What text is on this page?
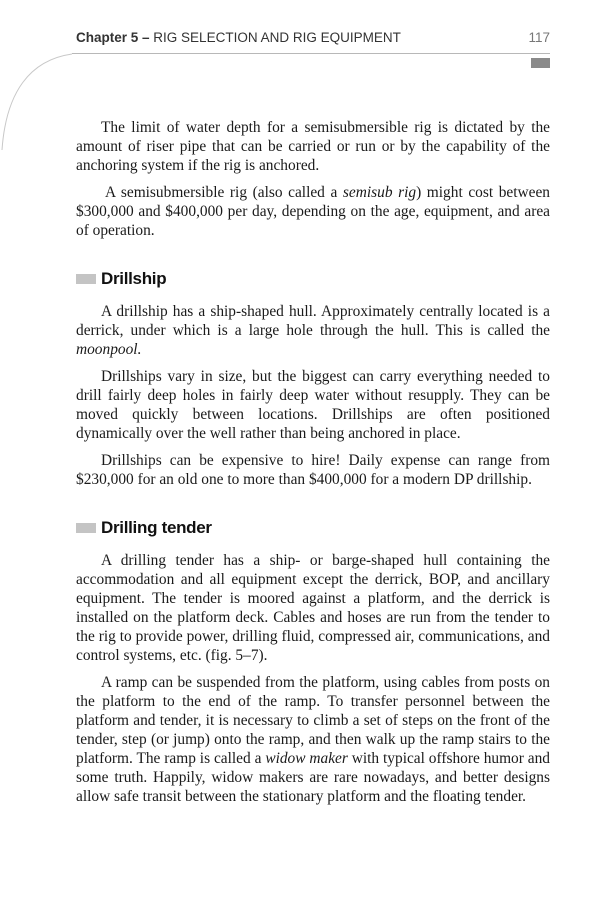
Chapter 5 – RIG SELECTION AND RIG EQUIPMENT	117

The limit of water depth for a semisubmersible rig is dictated by the amount of riser pipe that can be carried or run or by the capability of the anchoring system if the rig is anchored.

A semisubmersible rig (also called a semisub rig) might cost between $300,000 and $400,000 per day, depending on the age, equipment, and area of operation.

Drillship

A drillship has a ship-shaped hull. Approximately centrally located is a derrick, under which is a large hole through the hull. This is called the moonpool.

Drillships vary in size, but the biggest can carry everything needed to drill fairly deep holes in fairly deep water without resupply. They can be moved quickly between locations. Drillships are often positioned dynamically over the well rather than being anchored in place.

Drillships can be expensive to hire! Daily expense can range from $230,000 for an old one to more than $400,000 for a modern DP drillship.

Drilling tender

A drilling tender has a ship- or barge-shaped hull containing the accommodation and all equipment except the derrick, BOP, and ancillary equipment. The tender is moored against a platform, and the derrick is installed on the platform deck. Cables and hoses are run from the tender to the rig to provide power, drilling fluid, compressed air, communications, and control systems, etc. (fig. 5–7).

A ramp can be suspended from the platform, using cables from posts on the platform to the end of the ramp. To transfer personnel between the platform and tender, it is necessary to climb a set of steps on the front of the tender, step (or jump) onto the ramp, and then walk up the ramp stairs to the platform. The ramp is called a widow maker with typical offshore humor and some truth. Happily, widow makers are rare nowadays, and better designs allow safe transit between the stationary platform and the floating tender.
